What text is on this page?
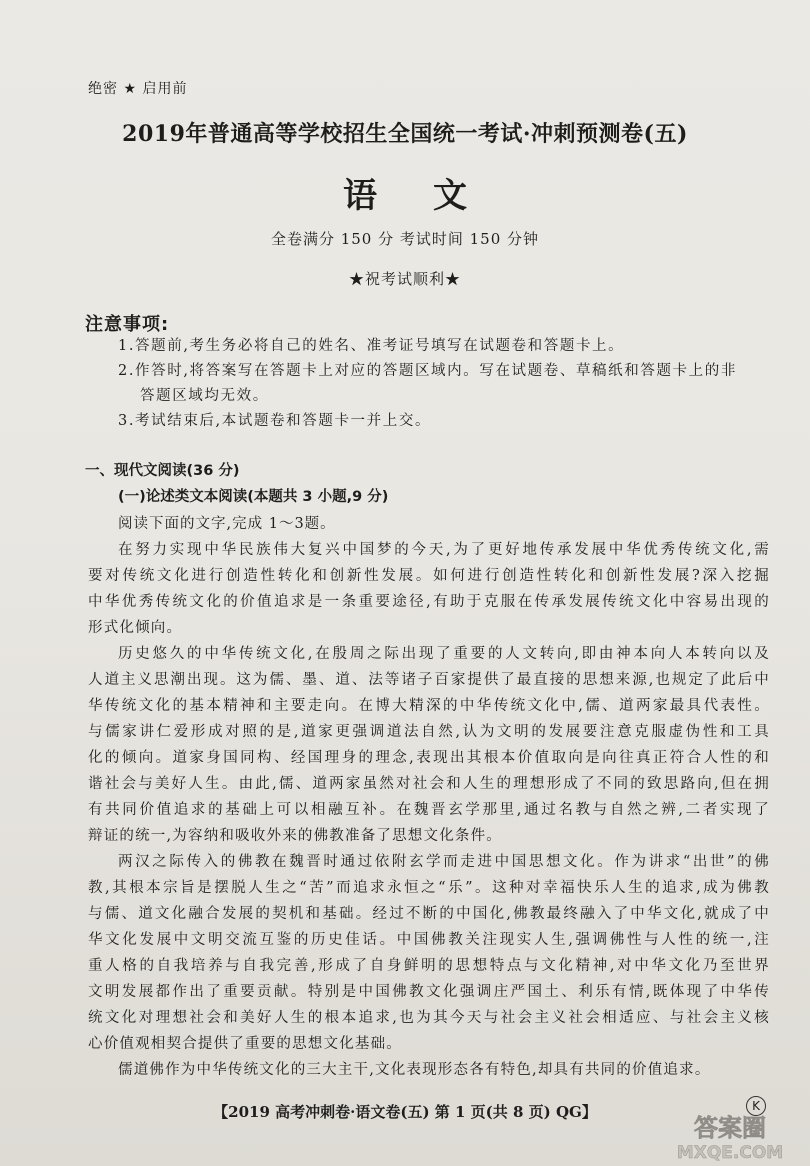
绝密 ★ 启用前
2019年普通高等学校招生全国统一考试·冲刺预测卷(五)
语文
全卷满分 150 分 考试时间 150 分钟
★祝考试顺利★
注意事项:
1.答题前,考生务必将自己的姓名、准考证号填写在试题卷和答题卡上。
2.作答时,将答案写在答题卡上对应的答题区域内。写在试题卷、草稿纸和答题卡上的非
答题区域均无效。
3.考试结束后,本试题卷和答题卡一并上交。
一、现代文阅读(36 分)
(一)论述类文本阅读(本题共 3 小题,9 分)
阅读下面的文字,完成 1～3题。
在努力实现中华民族伟大复兴中国梦的今天,为了更好地传承发展中华优秀传统文化,需
要对传统文化进行创造性转化和创新性发展。如何进行创造性转化和创新性发展?深入挖掘
中华优秀传统文化的价值追求是一条重要途径,有助于克服在传承发展传统文化中容易出现的
形式化倾向。
历史悠久的中华传统文化,在殷周之际出现了重要的人文转向,即由神本向人本转向以及
人道主义思潮出现。这为儒、墨、道、法等诸子百家提供了最直接的思想来源,也规定了此后中
华传统文化的基本精神和主要走向。在博大精深的中华传统文化中,儒、道两家最具代表性。
与儒家讲仁爱形成对照的是,道家更强调道法自然,认为文明的发展要注意克服虚伪性和工具
化的倾向。道家身国同构、经国理身的理念,表现出其根本价值取向是向往真正符合人性的和
谐社会与美好人生。由此,儒、道两家虽然对社会和人生的理想形成了不同的致思路向,但在拥
有共同价值追求的基础上可以相融互补。在魏晋玄学那里,通过名教与自然之辨,二者实现了
辩证的统一,为容纳和吸收外来的佛教准备了思想文化条件。
两汉之际传入的佛教在魏晋时通过依附玄学而走进中国思想文化。作为讲求“出世”的佛
教,其根本宗旨是摆脱人生之“苦”而追求永恒之“乐”。这种对幸福快乐人生的追求,成为佛教
与儒、道文化融合发展的契机和基础。经过不断的中国化,佛教最终融入了中华文化,就成了中
华文化发展中文明交流互鉴的历史佳话。中国佛教关注现实人生,强调佛性与人性的统一,注
重人格的自我培养与自我完善,形成了自身鲜明的思想特点与文化精神,对中华文化乃至世界
文明发展都作出了重要贡献。特别是中国佛教文化强调庄严国土、利乐有情,既体现了中华传
统文化对理想社会和美好人生的根本追求,也为其今天与社会主义社会相适应、与社会主义核
心价值观相契合提供了重要的思想文化基础。
儒道佛作为中华传统文化的三大主干,文化表现形态各有特色,却具有共同的价值追求。
【2019 高考冲刺卷·语文卷(五) 第 1 页(共 8 页) QG】	K
答案圈
MXQE.COM
